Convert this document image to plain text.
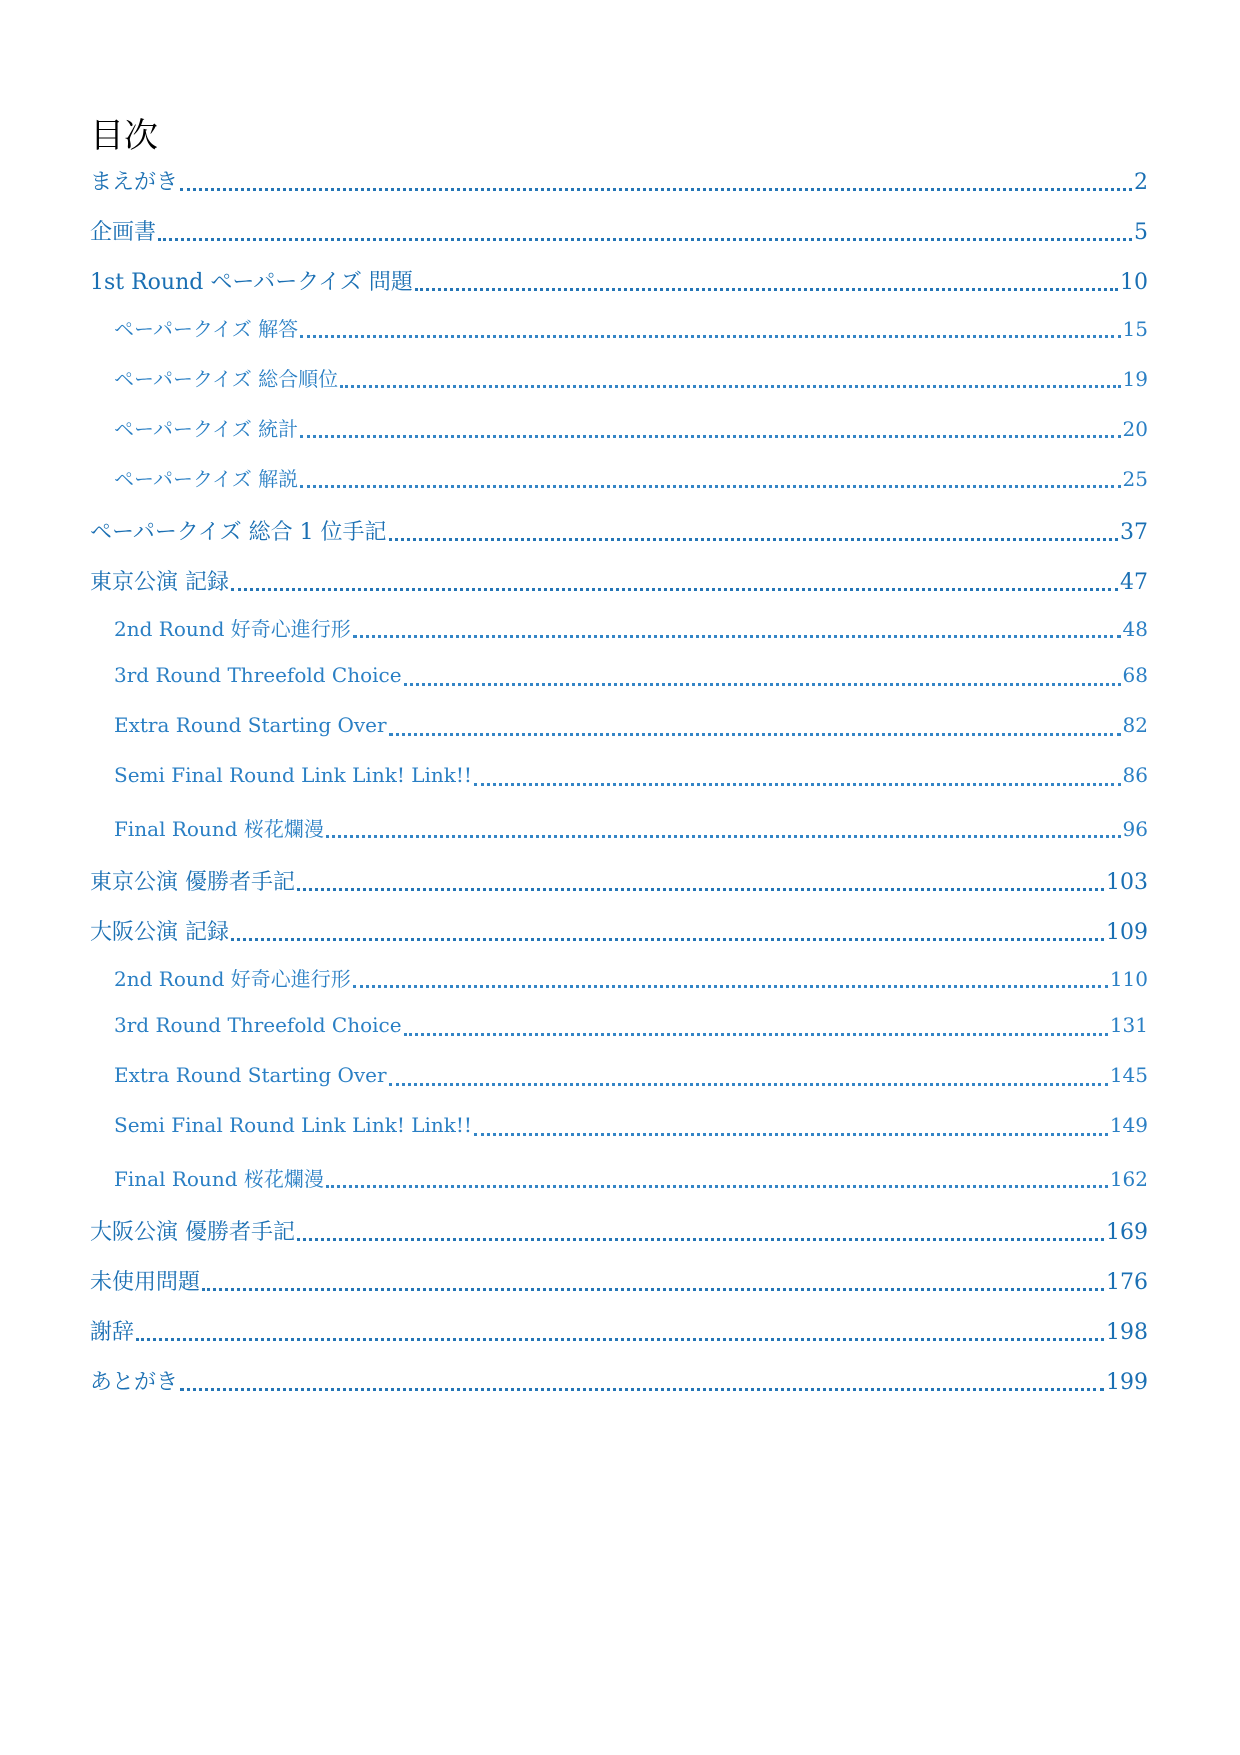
目次
まえがき	2
企画書	5
1st Round ペーパークイズ 問題	10
ペーパークイズ 解答	15
ペーパークイズ 総合順位	19
ペーパークイズ 統計	20
ペーパークイズ 解説	25
ペーパークイズ 総合 1 位手記	37
東京公演 記録	47
2nd Round 好奇心進行形	48
3rd Round Threefold Choice	68
Extra Round Starting Over	82
Semi Final Round Link Link! Link!!	86
Final Round 桜花爛漫	96
東京公演 優勝者手記	103
大阪公演 記録	109
2nd Round 好奇心進行形	110
3rd Round Threefold Choice	131
Extra Round Starting Over	145
Semi Final Round Link Link! Link!!	149
Final Round 桜花爛漫	162
大阪公演 優勝者手記	169
未使用問題	176
謝辞	198
あとがき	199
